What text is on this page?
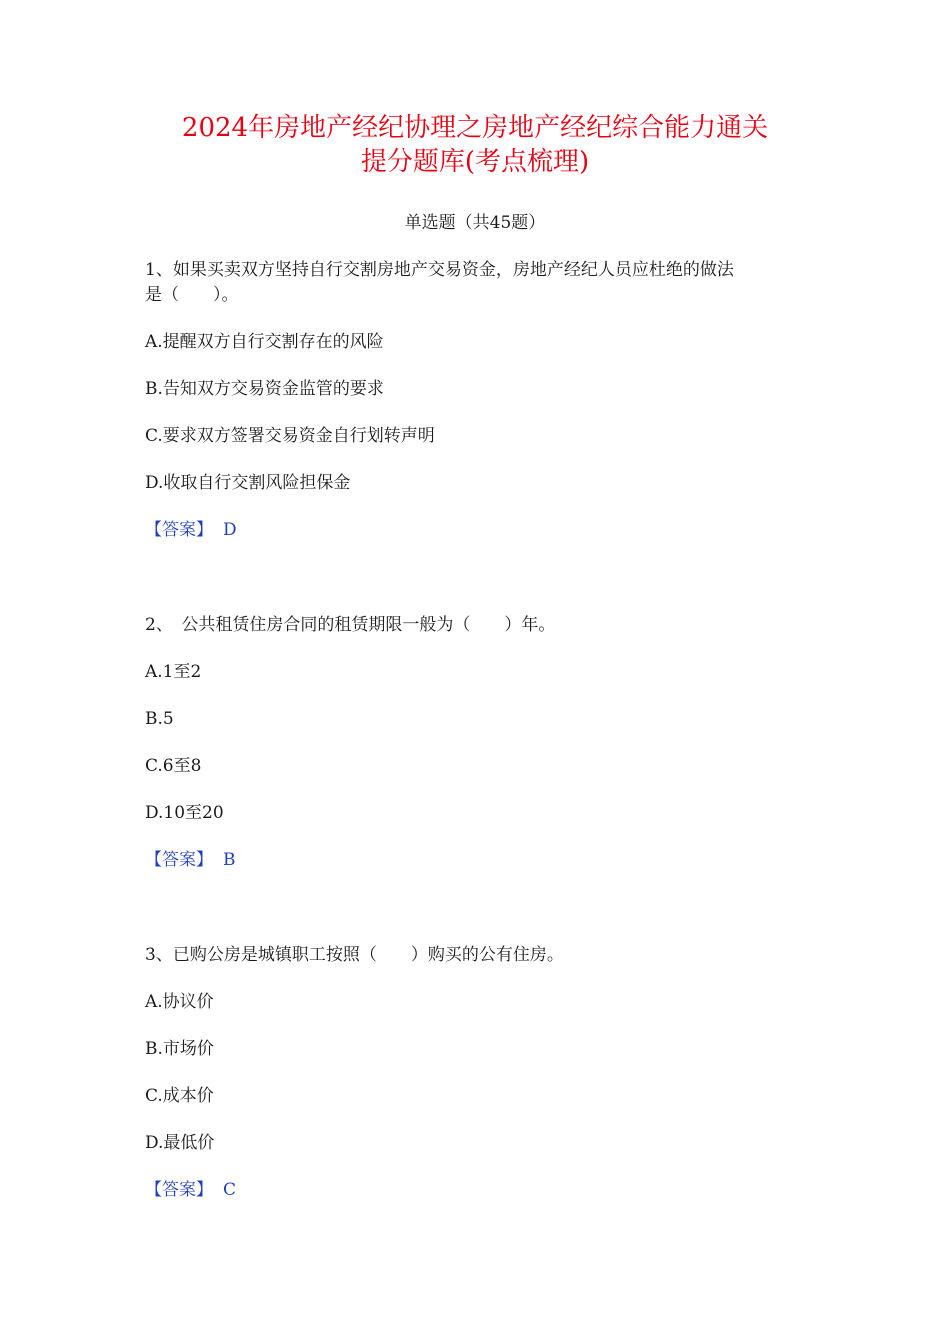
2024年房地产经纪协理之房地产经纪综合能力通关
提分题库(考点梳理)
单选题（共45题）
1、如果买卖双方坚持自行交割房地产交易资金，房地产经纪人员应杜绝的做法
是（　　）。
A.提醒双方自行交割存在的风险
B.告知双方交易资金监管的要求
C.要求双方签署交易资金自行划转声明
D.收取自行交割风险担保金
【答案】 D
2、　公共租赁住房合同的租赁期限一般为（　　）年。
A.1至2
B.5
C.6至8
D.10至20
【答案】 B
3、已购公房是城镇职工按照（　　）购买的公有住房。
A.协议价
B.市场价
C.成本价
D.最低价
【答案】 C
